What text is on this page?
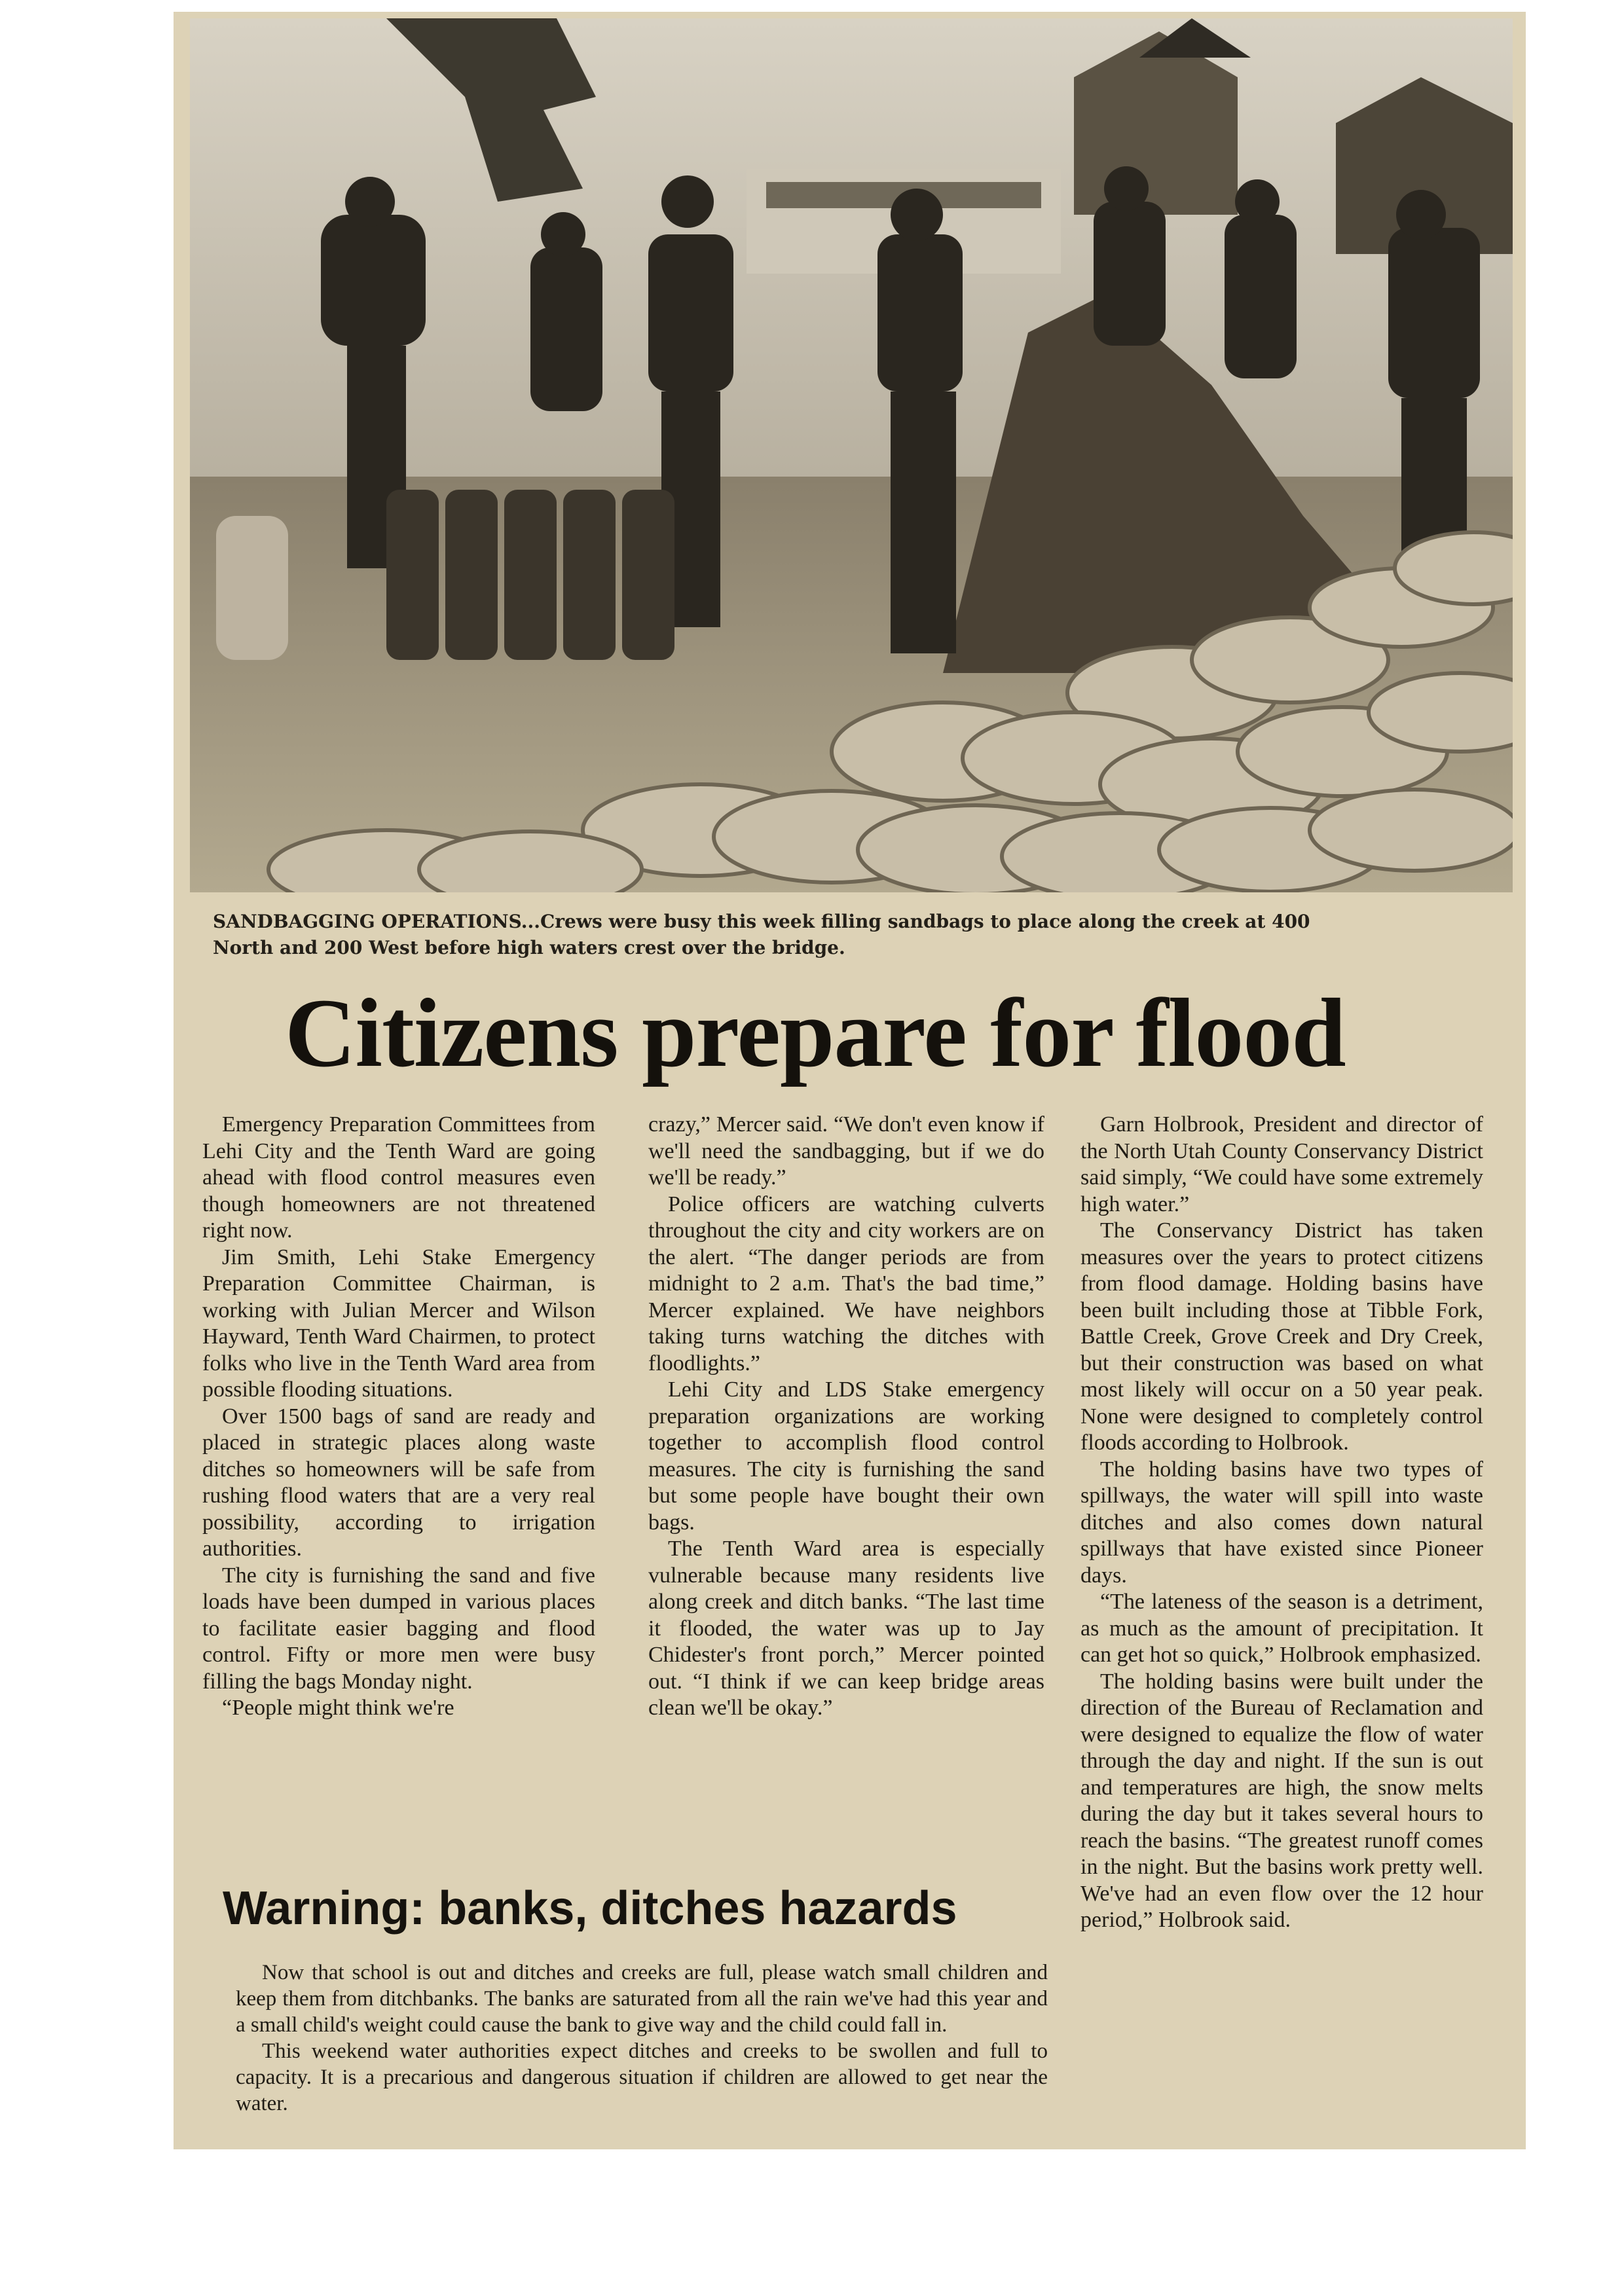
SANDBAGGING OPERATIONS...Crews were busy this week filling sandbags to place along the creek at 400 North and 200 West before high waters crest over the bridge.
Citizens prepare for flood

Emergency Preparation Committees from Lehi City and the Tenth Ward are going ahead with flood control measures even though homeowners are not threatened right now.

Jim Smith, Lehi Stake Emergency Preparation Committee Chairman, is working with Julian Mercer and Wilson Hayward, Tenth Ward Chairmen, to protect folks who live in the Tenth Ward area from possible flooding situations.

Over 1500 bags of sand are ready and placed in strategic places along waste ditches so homeowners will be safe from rushing flood waters that are a very real possibility, according to irrigation authorities.

The city is furnishing the sand and five loads have been dumped in various places to facilitate easier bagging and flood control. Fifty or more men were busy filling the bags Monday night.

“People might think we're

crazy,” Mercer said. “We don't even know if we'll need the sandbagging, but if we do we'll be ready.”

Police officers are watching culverts throughout the city and city workers are on the alert. “The danger periods are from midnight to 2 a.m. That's the bad time,” Mercer explained. We have neighbors taking turns watching the ditches with floodlights.”

Lehi City and LDS Stake emergency preparation organizations are working together to accomplish flood control measures. The city is furnishing the sand but some people have bought their own bags.

The Tenth Ward area is especially vulnerable because many residents live along creek and ditch banks. “The last time it flooded, the water was up to Jay Chidester's front porch,” Mercer pointed out. “I think if we can keep bridge areas clean we'll be okay.”

Garn Holbrook, President and director of the North Utah County Conservancy District said simply, “We could have some extremely high water.”

The Conservancy District has taken measures over the years to protect citizens from flood damage. Holding basins have been built including those at Tibble Fork, Battle Creek, Grove Creek and Dry Creek, but their construction was based on what most likely will occur on a 50 year peak. None were designed to completely control floods according to Holbrook.

The holding basins have two types of spillways, the water will spill into waste ditches and also comes down natural spillways that have existed since Pioneer days.

“The lateness of the season is a detriment, as much as the amount of precipitation. It can get hot so quick,” Holbrook emphasized.

The holding basins were built under the direction of the Bureau of Reclamation and were designed to equalize the flow of water through the day and night. If the sun is out and temperatures are high, the snow melts during the day but it takes several hours to reach the basins. “The greatest runoff comes in the night. But the basins work pretty well. We've had an even flow over the 12 hour period,” Holbrook said.

Warning: banks, ditches hazards

Now that school is out and ditches and creeks are full, please watch small children and keep them from ditchbanks. The banks are saturated from all the rain we've had this year and a small child's weight could cause the bank to give way and the child could fall in.

This weekend water authorities expect ditches and creeks to be swollen and full to capacity. It is a precarious and dangerous situation if children are allowed to get near the water.
